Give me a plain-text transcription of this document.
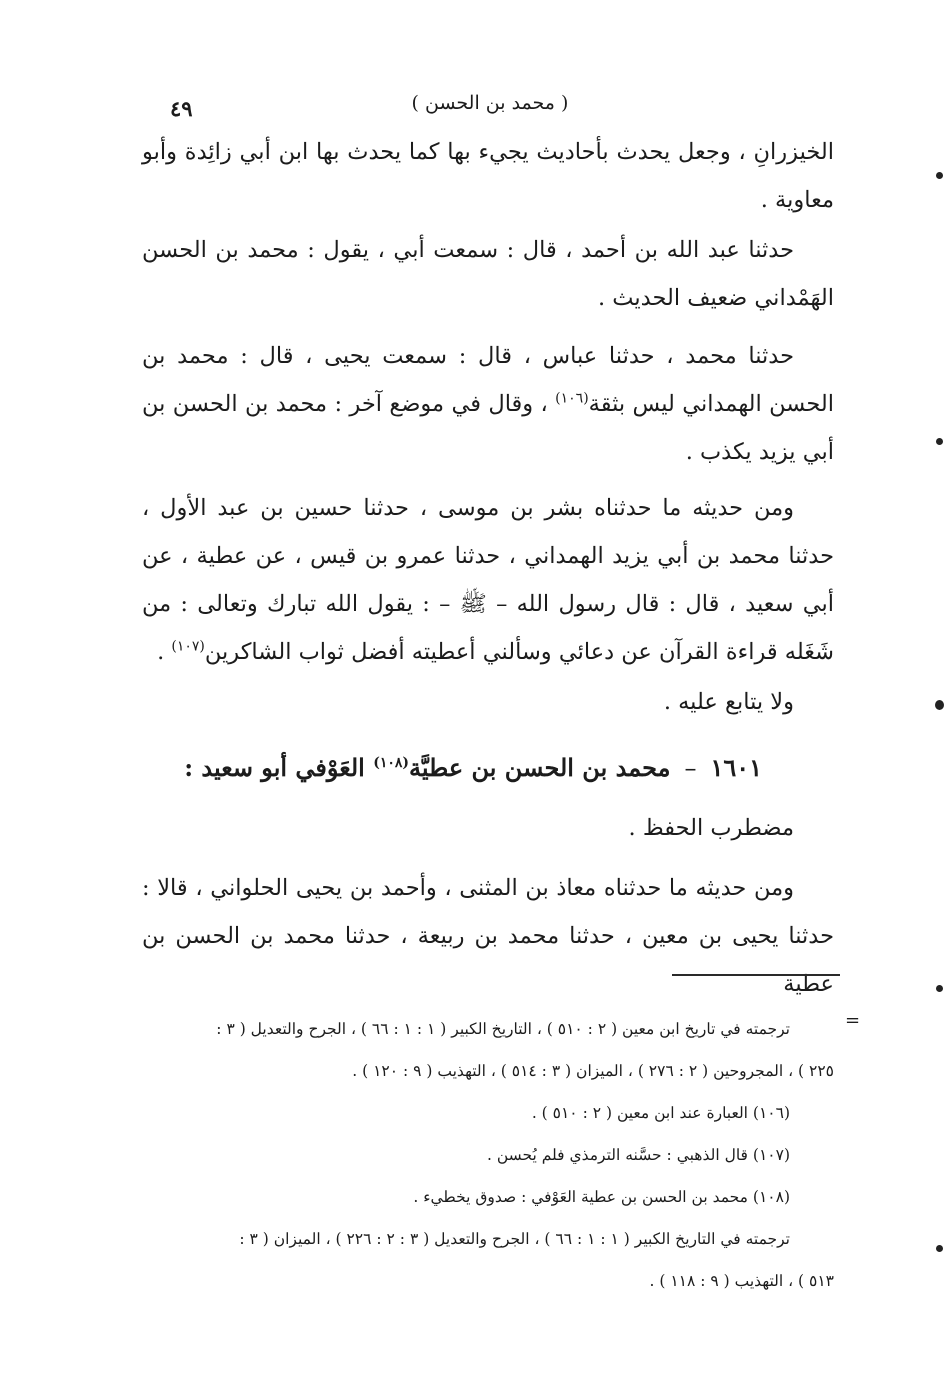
( محمد بن الحسن )
٤٩

الخيزرانِ ، وجعل يحدث بأحاديث يجيء بها كما يحدث بها ابن أبي زائِدة وأبو معاوية .

حدثنا عبد الله بن أحمد ، قال : سمعت أبي ، يقول : محمد بن الحسن الهَمْداني ضعيف الحديث .

حدثنا محمد ، حدثنا عباس ، قال : سمعت يحيى ، قال : محمد بن الحسن الهمداني ليس بثقة$^{(١٠٦)}$ ، وقال في موضع آخر : محمد بن الحسن بن أبي يزيد يكذب .

ومن حديثه ما حدثناه بشر بن موسى ، حدثنا حسين بن عبد الأول ، حدثنا محمد بن أبي يزيد الهمداني ، حدثنا عمرو بن قيس ، عن عطية ، عن أبي سعيد ، قال : قال رسول الله – ﷺ – : يقول الله تبارك وتعالى : من شَغَله قراءة القرآن عن دعائي وسألني أعطيته أفضل ثواب الشاكرين$^{(١٠٧)}$ .

ولا يتابع عليه .

١٦٠١–محمد بن الحسن بن عطيَّة$^{(١٠٨)}$ العَوْفي أبو سعيد :

مضطرب الحفظ .

ومن حديثه ما حدثناه معاذ بن المثنى ، وأحمد بن يحيى الحلواني ، قالا : حدثنا يحيى بن معين ، حدثنا محمد بن ربيعة ، حدثنا محمد بن الحسن بن عطية

=

ترجمته في تاريخ ابن معين ( ٢ : ٥١٠ ) ، التاريخ الكبير ( ١ : ١ : ٦٦ ) ، الجرح والتعديل ( ٣ :

٢٢٥ ) ، المجروحين ( ٢ : ٢٧٦ ) ، الميزان ( ٣ : ٥١٤ ) ، التهذيب ( ٩ : ١٢٠ ) .

(١٠٦) العبارة عند ابن معين ( ٢ : ٥١٠ ) .

(١٠٧) قال الذهبي : حسَّنه الترمذي فلم يُحسن .

(١٠٨) محمد بن الحسن بن عطية العَوْفي : صدوق يخطيء .

ترجمته في التاريخ الكبير ( ١ : ١ : ٦٦ ) ، الجرح والتعديل ( ٣ : ٢ : ٢٢٦ ) ، الميزان ( ٣ :

٥١٣ ) ، التهذيب ( ٩ : ١١٨ ) .
